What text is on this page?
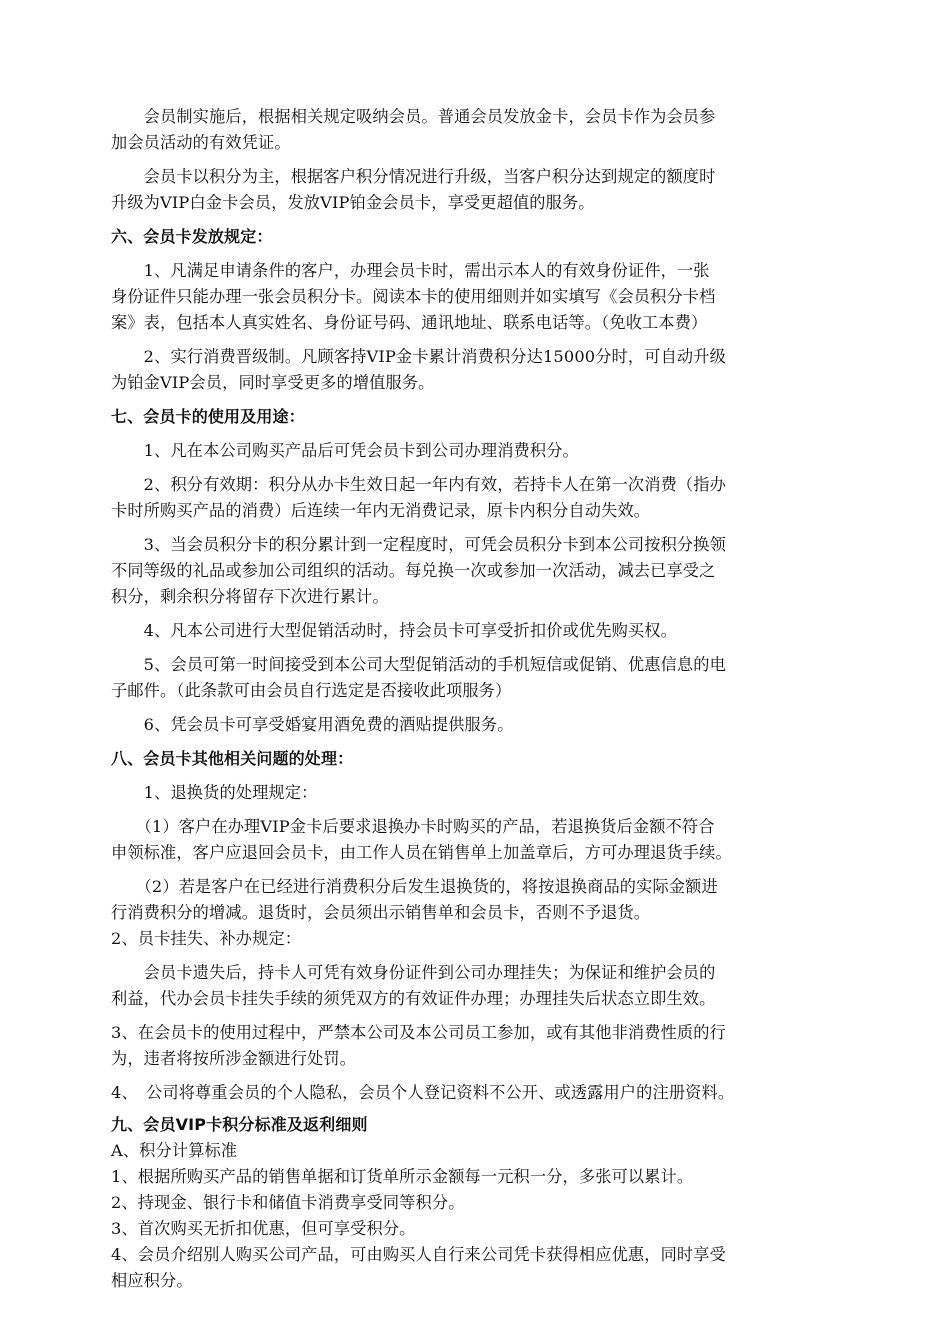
　　会员制实施后，根据相关规定吸纳会员。普通会员发放金卡，会员卡作为会员参

加会员活动的有效凭证。

　　会员卡以积分为主，根据客户积分情况进行升级，当客户积分达到规定的额度时

升级为VIP白金卡会员，发放VIP铂金会员卡，享受更超值的服务。

六、会员卡发放规定：

　　1、凡满足申请条件的客户，办理会员卡时，需出示本人的有效身份证件，一张

身份证件只能办理一张会员积分卡。阅读本卡的使用细则并如实填写《会员积分卡档

案》表，包括本人真实姓名、身份证号码、通讯地址、联系电话等。（免收工本费）

　　2、实行消费晋级制。凡顾客持VIP金卡累计消费积分达15000分时，可自动升级

为铂金VIP会员，同时享受更多的增值服务。

七、会员卡的使用及用途：

　　1、凡在本公司购买产品后可凭会员卡到公司办理消费积分。

　　2、积分有效期：积分从办卡生效日起一年内有效，若持卡人在第一次消费（指办

卡时所购买产品的消费）后连续一年内无消费记录，原卡内积分自动失效。

　　3、当会员积分卡的积分累计到一定程度时，可凭会员积分卡到本公司按积分换领

不同等级的礼品或参加公司组织的活动。每兑换一次或参加一次活动，减去已享受之

积分，剩余积分将留存下次进行累计。

　　4、凡本公司进行大型促销活动时，持会员卡可享受折扣价或优先购买权。

　　5、会员可第一时间接受到本公司大型促销活动的手机短信或促销、优惠信息的电

子邮件。（此条款可由会员自行选定是否接收此项服务）

　　6、凭会员卡可享受婚宴用酒免费的酒贴提供服务。

八、会员卡其他相关问题的处理：

　　1、退换货的处理规定：

　　（1）客户在办理VIP金卡后要求退换办卡时购买的产品，若退换货后金额不符合

申领标准，客户应退回会员卡，由工作人员在销售单上加盖章后，方可办理退货手续。

　　（2）若是客户在已经进行消费积分后发生退换货的，将按退换商品的实际金额进

行消费积分的增减。退货时，会员须出示销售单和会员卡，否则不予退货。

2、员卡挂失、补办规定：

　　会员卡遗失后，持卡人可凭有效身份证件到公司办理挂失；为保证和维护会员的

利益，代办会员卡挂失手续的须凭双方的有效证件办理；办理挂失后状态立即生效。

3、在会员卡的使用过程中，严禁本公司及本公司员工参加，或有其他非消费性质的行

为，违者将按所涉金额进行处罚。

4、　公司将尊重会员的个人隐私，会员个人登记资料不公开、或透露用户的注册资料。

九、会员VIP卡积分标准及返利细则

A、积分计算标准

1、根据所购买产品的销售单据和订货单所示金额每一元积一分，多张可以累计。

2、持现金、银行卡和储值卡消费享受同等积分。

3、首次购买无折扣优惠，但可享受积分。

4、会员介绍别人购买公司产品，可由购买人自行来公司凭卡获得相应优惠，同时享受

相应积分。
